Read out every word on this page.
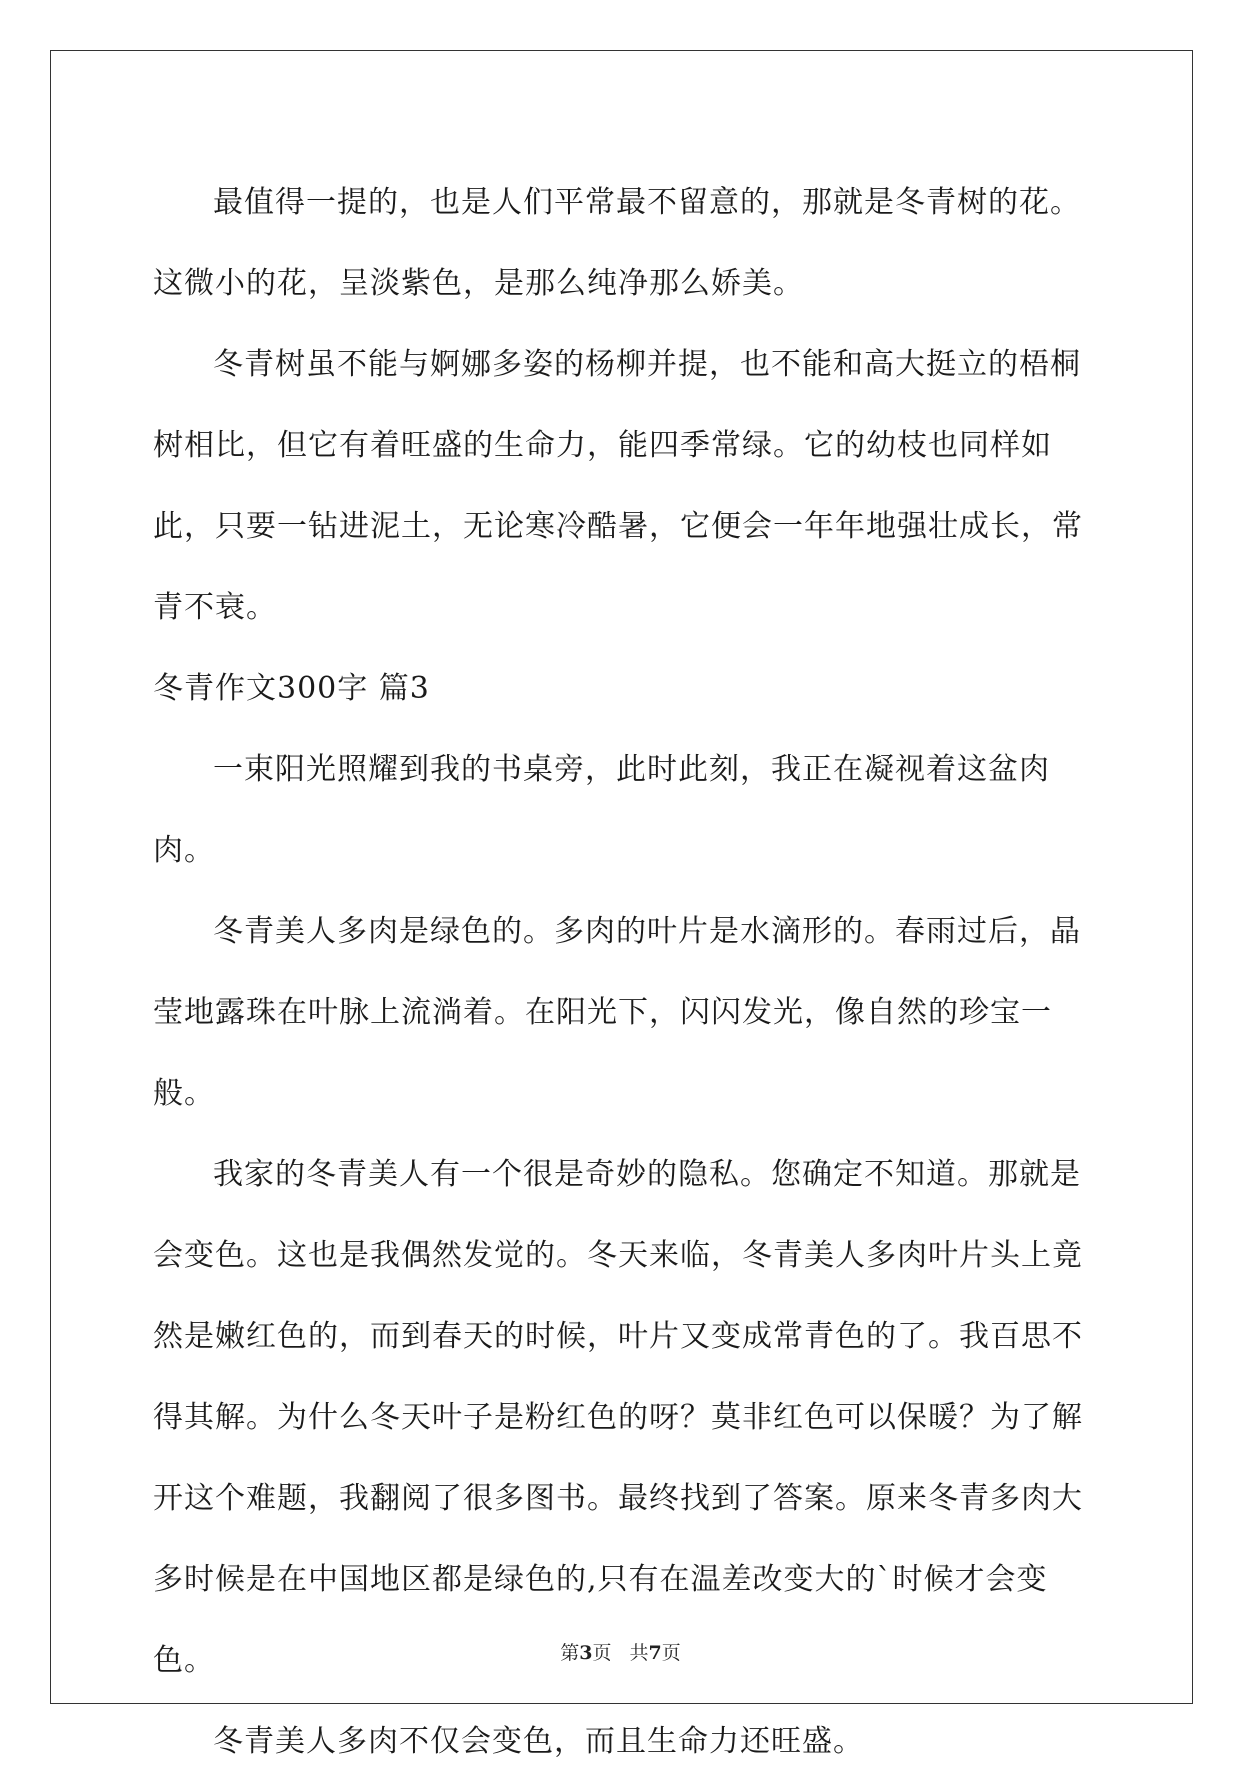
最值得一提的，也是人们平常最不留意的，那就是冬青树的花。这微小的花，呈淡紫色，是那么纯净那么娇美。

冬青树虽不能与婀娜多姿的杨柳并提，也不能和高大挺立的梧桐树相比，但它有着旺盛的生命力，能四季常绿。它的幼枝也同样如此，只要一钻进泥土，无论寒冷酷暑，它便会一年年地强壮成长，常青不衰。

冬青作文300字 篇3

一束阳光照耀到我的书桌旁，此时此刻，我正在凝视着这盆肉肉。

冬青美人多肉是绿色的。多肉的叶片是水滴形的。春雨过后，晶莹地露珠在叶脉上流淌着。在阳光下，闪闪发光，像自然的珍宝一般。

我家的冬青美人有一个很是奇妙的隐私。您确定不知道。那就是会变色。这也是我偶然发觉的。冬天来临，冬青美人多肉叶片头上竟然是嫩红色的，而到春天的时候，叶片又变成常青色的了。我百思不得其解。为什么冬天叶子是粉红色的呀？莫非红色可以保暖？为了解开这个难题，我翻阅了很多图书。最终找到了答案。原来冬青多肉大多时候是在中国地区都是绿色的,只有在温差改变大的`时候才会变色。

冬青美人多肉不仅会变色，而且生命力还旺盛。

第3页 共7页
